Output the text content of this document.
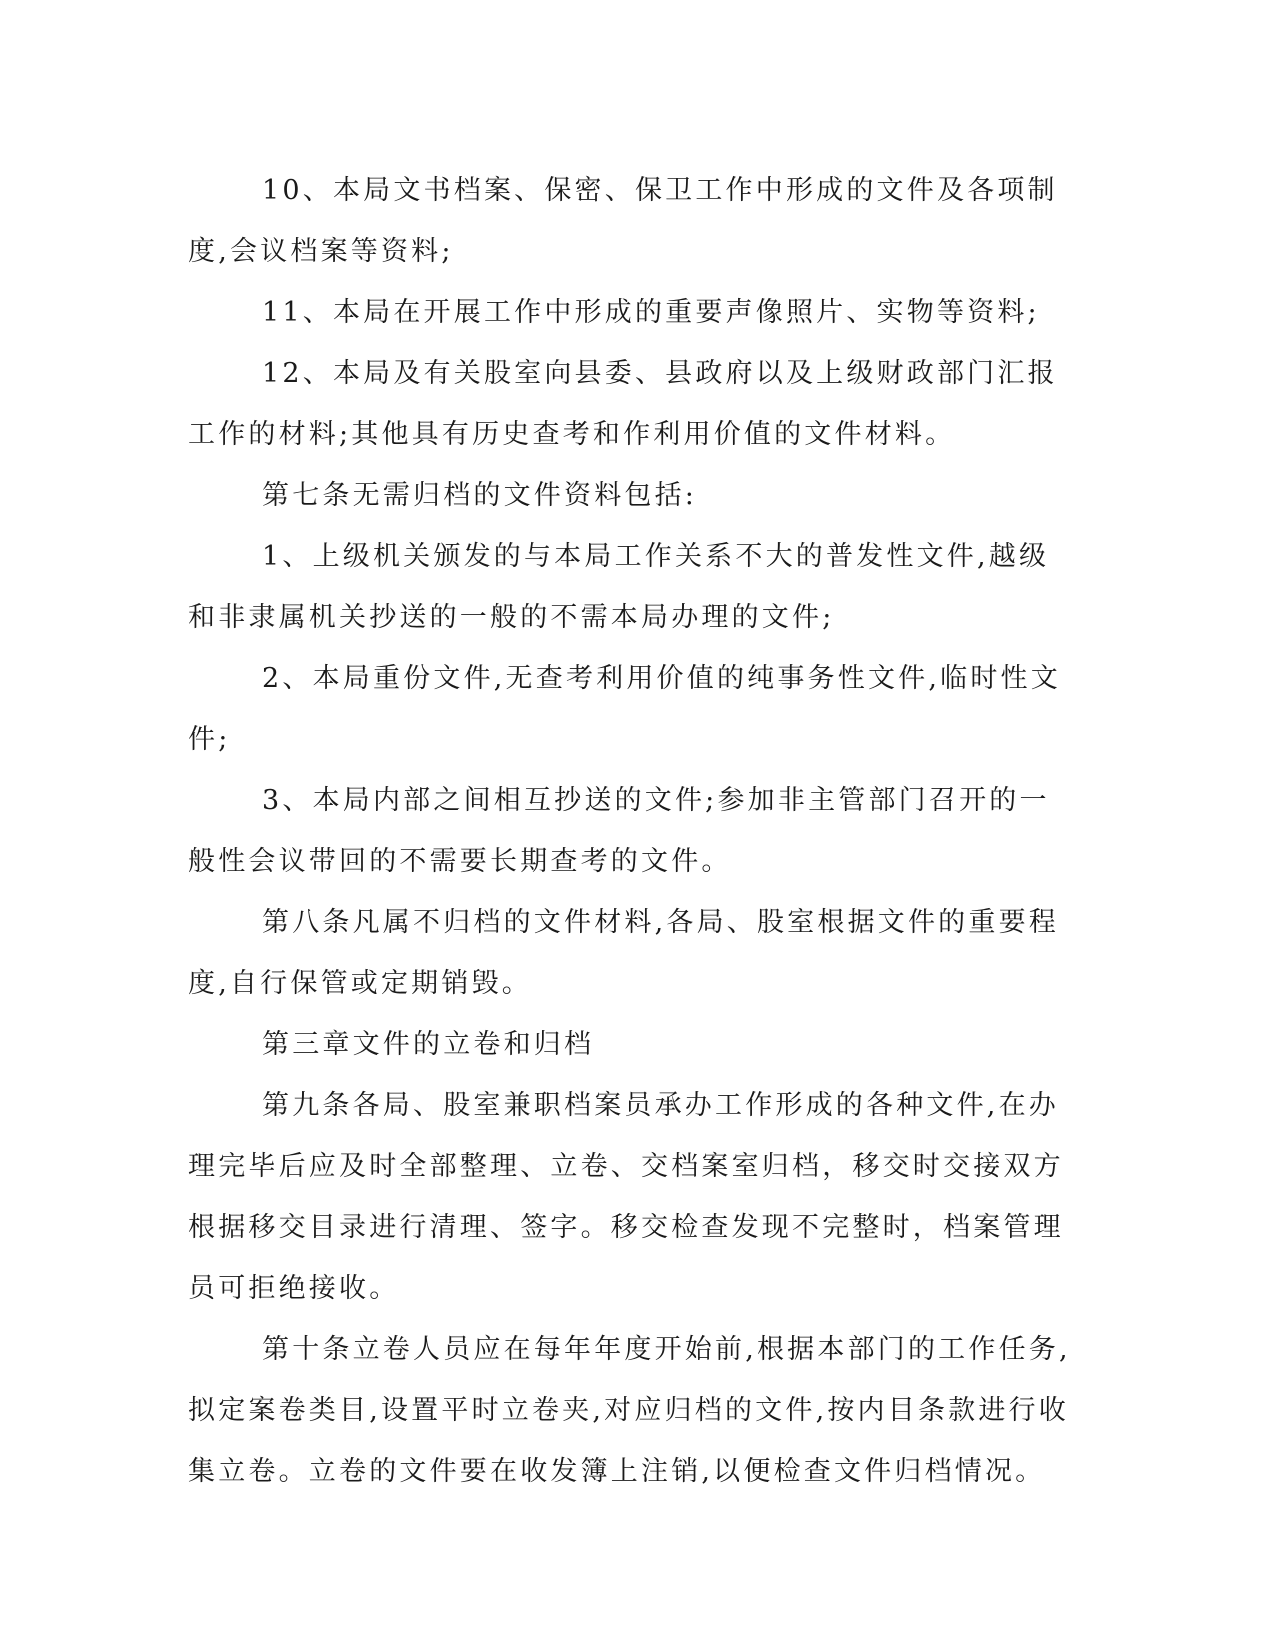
10、本局文书档案、保密、保卫工作中形成的文件及各项制度,会议档案等资料;

11、本局在开展工作中形成的重要声像照片、实物等资料;

12、本局及有关股室向县委、县政府以及上级财政部门汇报工作的材料;其他具有历史查考和作利用价值的文件材料。

第七条无需归档的文件资料包括:

1、上级机关颁发的与本局工作关系不大的普发性文件,越级和非隶属机关抄送的一般的不需本局办理的文件;

2、本局重份文件,无查考利用价值的纯事务性文件,临时性文件;

3、本局内部之间相互抄送的文件;参加非主管部门召开的一般性会议带回的不需要长期查考的文件。

第八条凡属不归档的文件材料,各局、股室根据文件的重要程度,自行保管或定期销毁。

第三章文件的立卷和归档

第九条各局、股室兼职档案员承办工作形成的各种文件,在办理完毕后应及时全部整理、立卷、交档案室归档，移交时交接双方根据移交目录进行清理、签字。移交检查发现不完整时，档案管理员可拒绝接收。

第十条立卷人员应在每年年度开始前,根据本部门的工作任务,拟定案卷类目,设置平时立卷夹,对应归档的文件,按内目条款进行收集立卷。立卷的文件要在收发簿上注销,以便检查文件归档情况。
